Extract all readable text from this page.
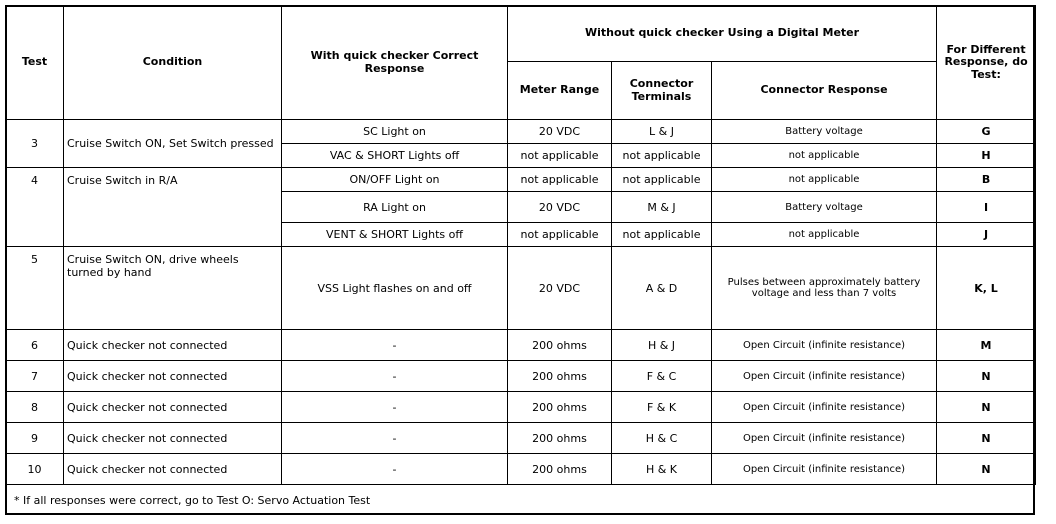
Test	Condition	With quick checker Correct Response	Without quick checker Using a Digital Meter			For Different Response, do Test:
			Meter Range	Connector Terminals	Connector Response	
3	Cruise Switch ON, Set Switch pressed	SC Light on	20 VDC	L & J	Battery voltage	G
		VAC & SHORT Lights off	not applicable	not applicable	not applicable	H
4	Cruise Switch in R/A	ON/OFF Light on	not applicable	not applicable	not applicable	B
		RA Light on	20 VDC	M & J	Battery voltage	I
		VENT & SHORT Lights off	not applicable	not applicable	not applicable	J
5	Cruise Switch ON, drive wheels turned by hand	VSS Light flashes on and off	20 VDC	A & D	Pulses between approximately battery voltage and less than 7 volts	K, L
6	Quick checker not connected	-	200 ohms	H & J	Open Circuit (infinite resistance)	M
7	Quick checker not connected	-	200 ohms	F & C	Open Circuit (infinite resistance)	N
8	Quick checker not connected	-	200 ohms	F & K	Open Circuit (infinite resistance)	N
9	Quick checker not connected	-	200 ohms	H & C	Open Circuit (infinite resistance)	N
10	Quick checker not connected	-	200 ohms	H & K	Open Circuit (infinite resistance)	N
* If all responses were correct, go to Test O: Servo Actuation Test
